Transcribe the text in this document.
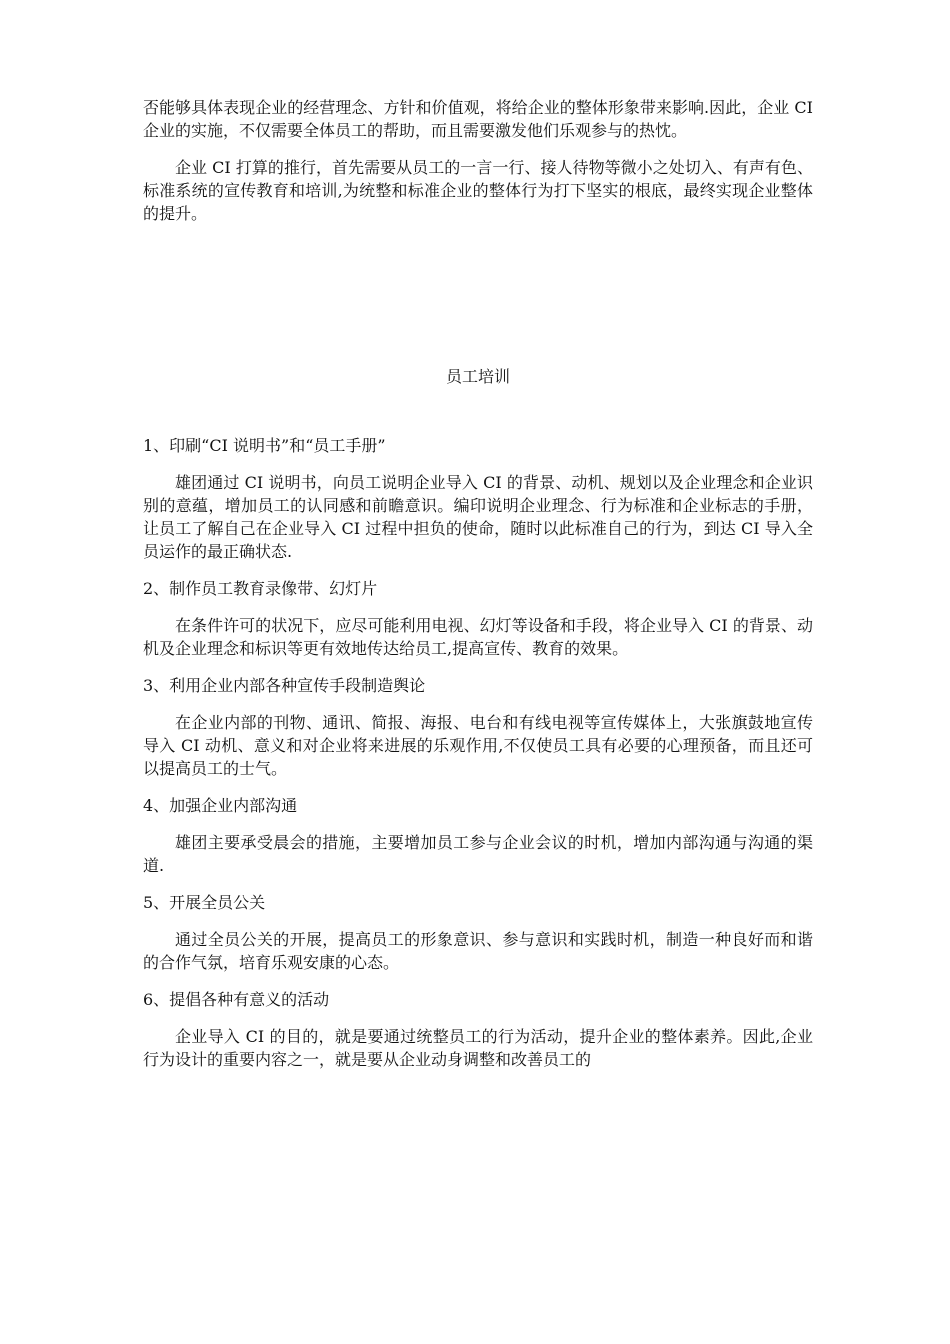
否能够具体表现企业的经营理念、方针和价值观，将给企业的整体形象带来影响.因此，企业 CI 企业的实施，不仅需要全体员工的帮助，而且需要激发他们乐观参与的热忱。

企业 CI 打算的推行，首先需要从员工的一言一行、接人待物等微小之处切入、有声有色、标准系统的宣传教育和培训,为统整和标准企业的整体行为打下坚实的根底，最终实现企业整体的提升。

员工培训

1、印刷“CI 说明书”和“员工手册”

雄团通过 CI 说明书，向员工说明企业导入 CI 的背景、动机、规划以及企业理念和企业识别的意蕴，增加员工的认同感和前瞻意识。编印说明企业理念、行为标准和企业标志的手册，让员工了解自己在企业导入 CI 过程中担负的使命，随时以此标准自己的行为，到达 CI 导入全员运作的最正确状态.

2、制作员工教育录像带、幻灯片

在条件许可的状况下，应尽可能利用电视、幻灯等设备和手段，将企业导入 CI 的背景、动机及企业理念和标识等更有效地传达给员工,提高宣传、教育的效果。

3、利用企业内部各种宣传手段制造舆论

在企业内部的刊物、通讯、简报、海报、电台和有线电视等宣传媒体上，大张旗鼓地宣传导入 CI 动机、意义和对企业将来进展的乐观作用,不仅使员工具有必要的心理预备，而且还可以提高员工的士气。

4、加强企业内部沟通

雄团主要承受晨会的措施，主要增加员工参与企业会议的时机，增加内部沟通与沟通的渠道.

5、开展全员公关

通过全员公关的开展，提高员工的形象意识、参与意识和实践时机，制造一种良好而和谐的合作气氛，培育乐观安康的心态。

6、提倡各种有意义的活动

企业导入 CI 的目的，就是要通过统整员工的行为活动，提升企业的整体素养。因此,企业行为设计的重要内容之一，就是要从企业动身调整和改善员工的
